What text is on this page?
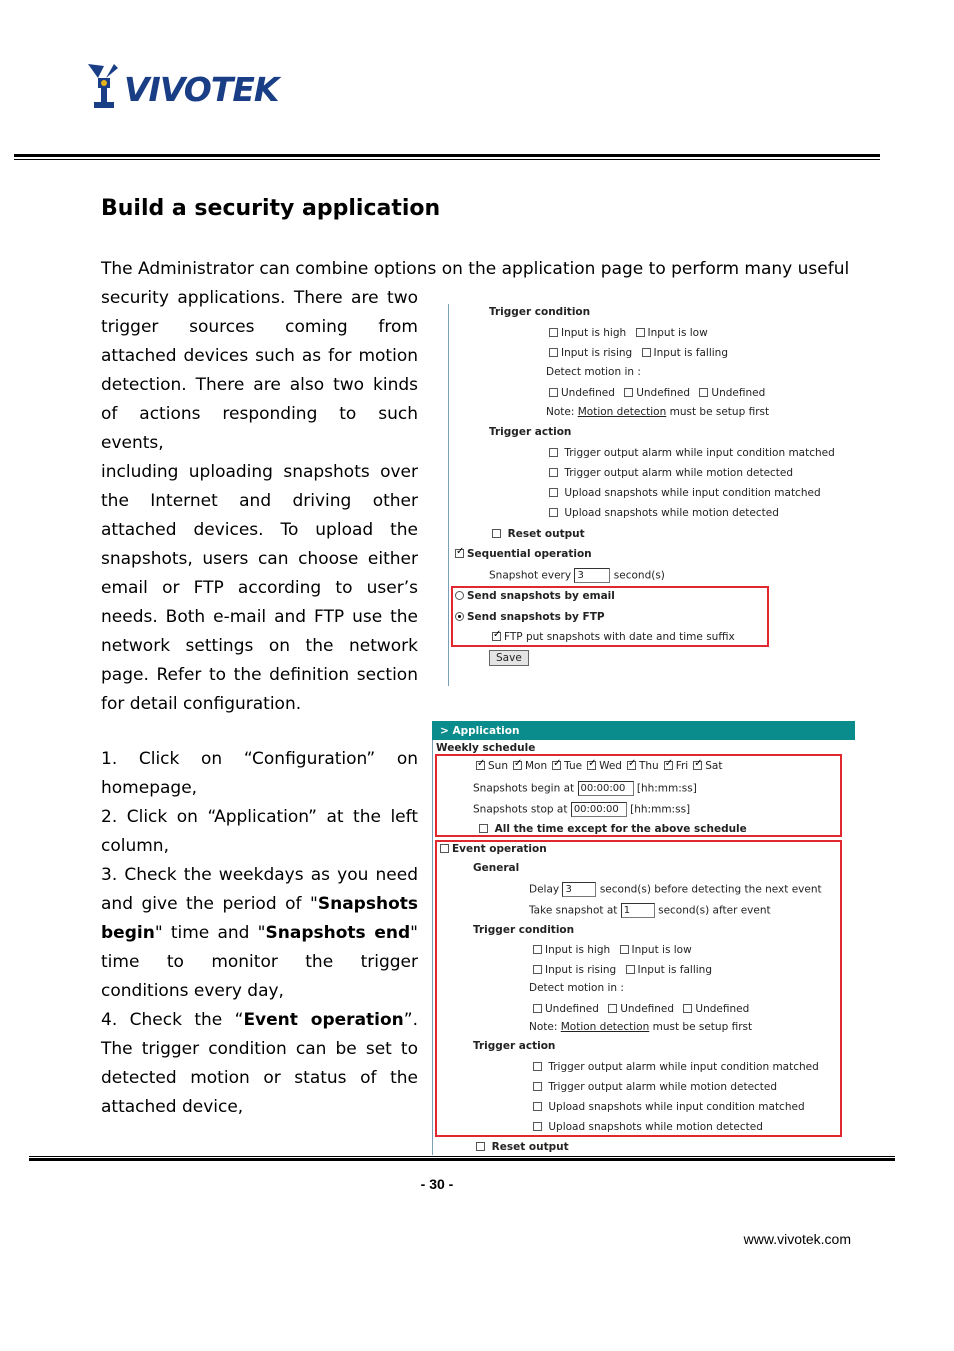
VIVOTEK
Build a security application
The Administrator can combine options on the application page to perform many useful
security applications. There are two
trigger sources coming from
attached devices such as for motion
detection. There are also two kinds
of actions responding to such events,
including uploading snapshots over
the Internet and driving other
attached devices. To upload the
snapshots, users can choose either
email or FTP according to user’s
needs. Both e-mail and FTP use the
network settings on the network
page. Refer to the definition section
for detail configuration.
Trigger condition
Input is high Input is low
Input is rising Input is falling
Detect motion in :
Undefined Undefined Undefined
Note: Motion detection must be setup first
Trigger action
Trigger output alarm while input condition matched
Trigger output alarm while motion detected
Upload snapshots while input condition matched
Upload snapshots while motion detected
Reset output
✓Sequential operation
Snapshot every 3	second(s)
Send snapshots by email
Send snapshots by FTP
✓FTP put snapshots with date and time suffix
Save
1. Click on “Configuration” on
homepage,
2. Click on “Application” at the left
column,
3. Check the weekdays as you need
and give the period of "Snapshots
begin" time and "Snapshots end"
time to monitor the trigger
conditions every day,
4. Check the “Event operation”.
The trigger condition can be set to
detected motion or status of the
attached device,
> Application
Weekly schedule
✓Sun ✓ Mon ✓ Tue ✓ Wed ✓ Thu ✓ Fri ✓ Sat
Snapshots begin at 00:00:00 [hh:mm:ss]
Snapshots stop at 00:00:00 [hh:mm:ss]
All the time except for the above schedule
Event operation
General
Delay 3	second(s) before detecting the next event
Take snapshot at 1	second(s) after event
Trigger condition
Input is high Input is low
Input is rising Input is falling
Detect motion in :
Undefined Undefined Undefined
Note: Motion detection must be setup first
Trigger action
Trigger output alarm while input condition matched
Trigger output alarm while motion detected
Upload snapshots while input condition matched
Upload snapshots while motion detected
Reset output
- 30 -
www.vivotek.com
